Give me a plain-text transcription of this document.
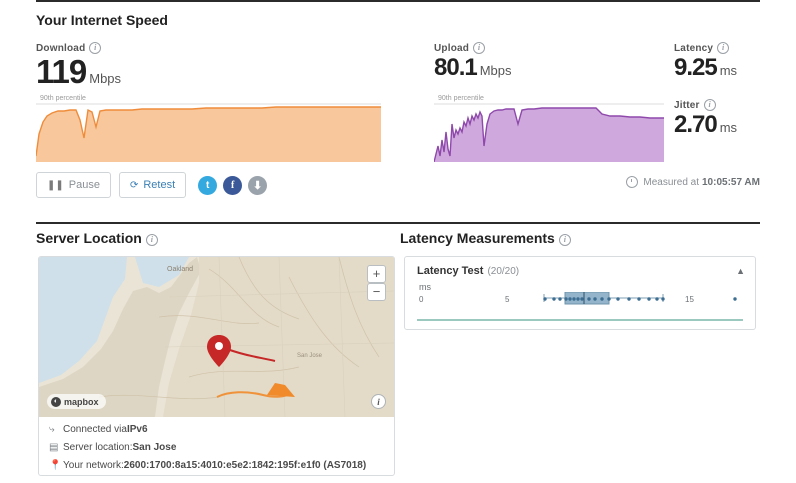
Your Internet Speed
Download i
119 Mbps
Upload i
80.1 Mbps
Latency i
9.25 ms
Jitter i
2.70 ms
90th percentile	90th percentile
❚❚ Pause	⟳ Retest	t	f	⬇	Measured at 10:05:57 AM
Server Location i	Latency Measurements i
Oakland
San Jose
+
−
◐ mapbox	i
⤷ Connected via IPv6
▤ Server location: San Jose
📍 Your network: 2600:1700:8a15:4010:e5e2:1842:195f:e1f0 (AS7018)
Latency Test (20/20)	▲
ms
0	5	15
